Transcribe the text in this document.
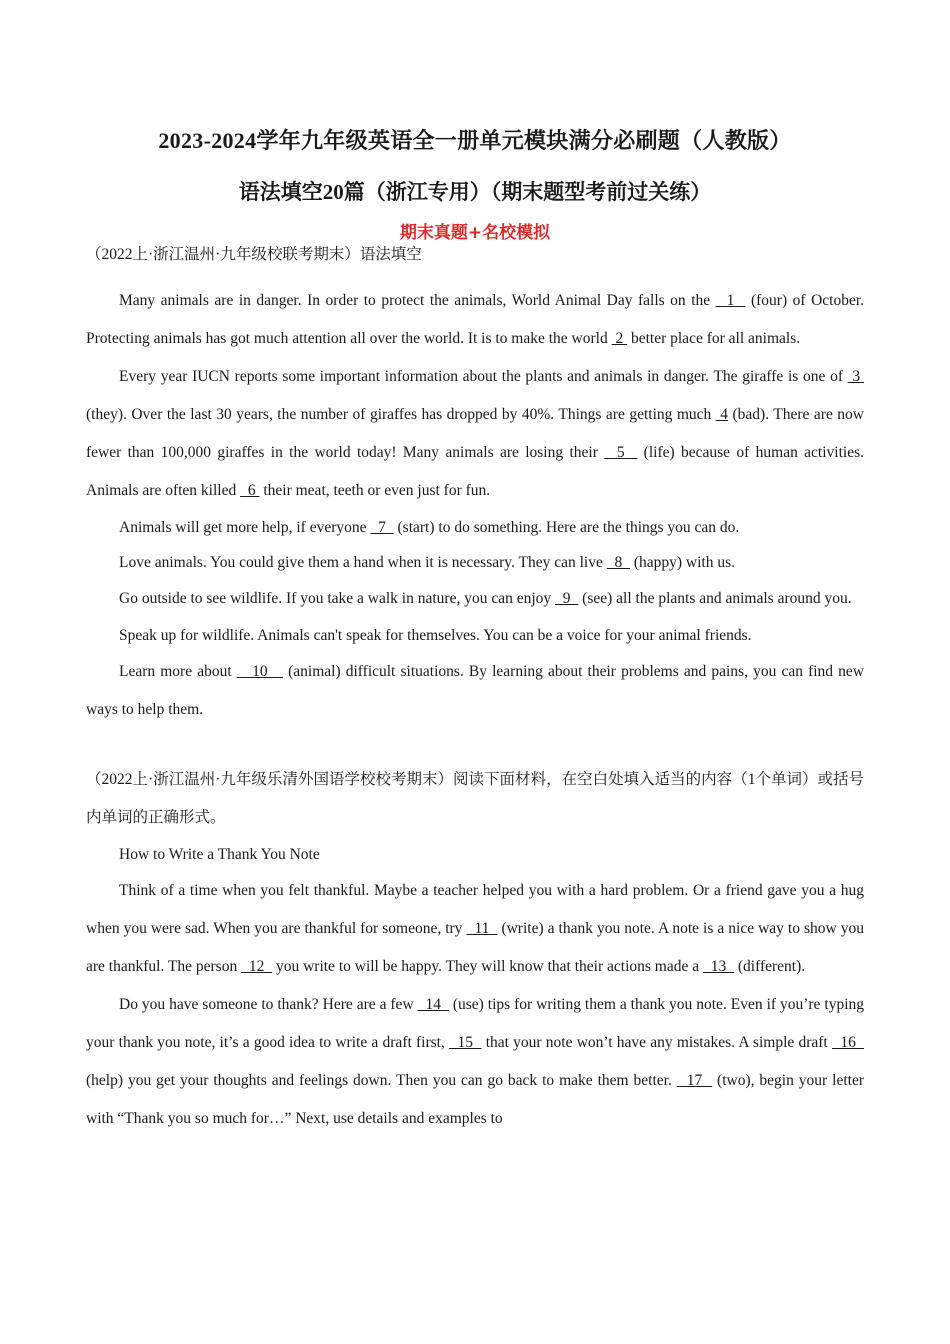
2023-2024学年九年级英语全一册单元模块满分必刷题（人教版）
语法填空20篇（浙江专用）（期末题型考前过关练）
期末真题+名校模拟

（2022上·浙江温州·九年级校联考期末）语法填空

Many animals are in danger. In order to protect the animals, World Animal Day falls on the   1   (four) of October. Protecting animals has got much attention all over the world. It is to make the world  2  better place for all animals.

Every year IUCN reports some important information about the plants and animals in danger. The giraffe is one of  3  (they). Over the last 30 years, the number of giraffes has dropped by 40%. Things are getting much  4 (bad). There are now fewer than 100,000 giraffes in the world today! Many animals are losing their   5   (life) because of human activities. Animals are often killed   6  their meat, teeth or even just for fun.

Animals will get more help, if everyone   7   (start) to do something. Here are the things you can do.

Love animals. You could give them a hand when it is necessary. They can live   8   (happy) with us.

Go outside to see wildlife. If you take a walk in nature, you can enjoy   9   (see) all the plants and animals around you.

Speak up for wildlife. Animals can't speak for themselves. You can be a voice for your animal friends.

Learn more about    10    (animal) difficult situations. By learning about their problems and pains, you can find new ways to help them.

（2022上·浙江温州·九年级乐清外国语学校校考期末）阅读下面材料，在空白处填入适当的内容（1个单词）或括号内单词的正确形式。

How to Write a Thank You Note

Think of a time when you felt thankful. Maybe a teacher helped you with a hard problem. Or a friend gave you a hug when you were sad. When you are thankful for someone, try   11   (write) a thank you note. A note is a nice way to show you are thankful. The person   12   you write to will be happy. They will know that their actions made a   13   (different).

Do you have someone to thank? Here are a few   14   (use) tips for writing them a thank you note. Even if you’re typing your thank you note, it’s a good idea to write a draft first,   15   that your note won’t have any mistakes. A simple draft   16   (help) you get your thoughts and feelings down. Then you can go back to make them better.   17   (two), begin your letter with “Thank you so much for…” Next, use details and examples to
